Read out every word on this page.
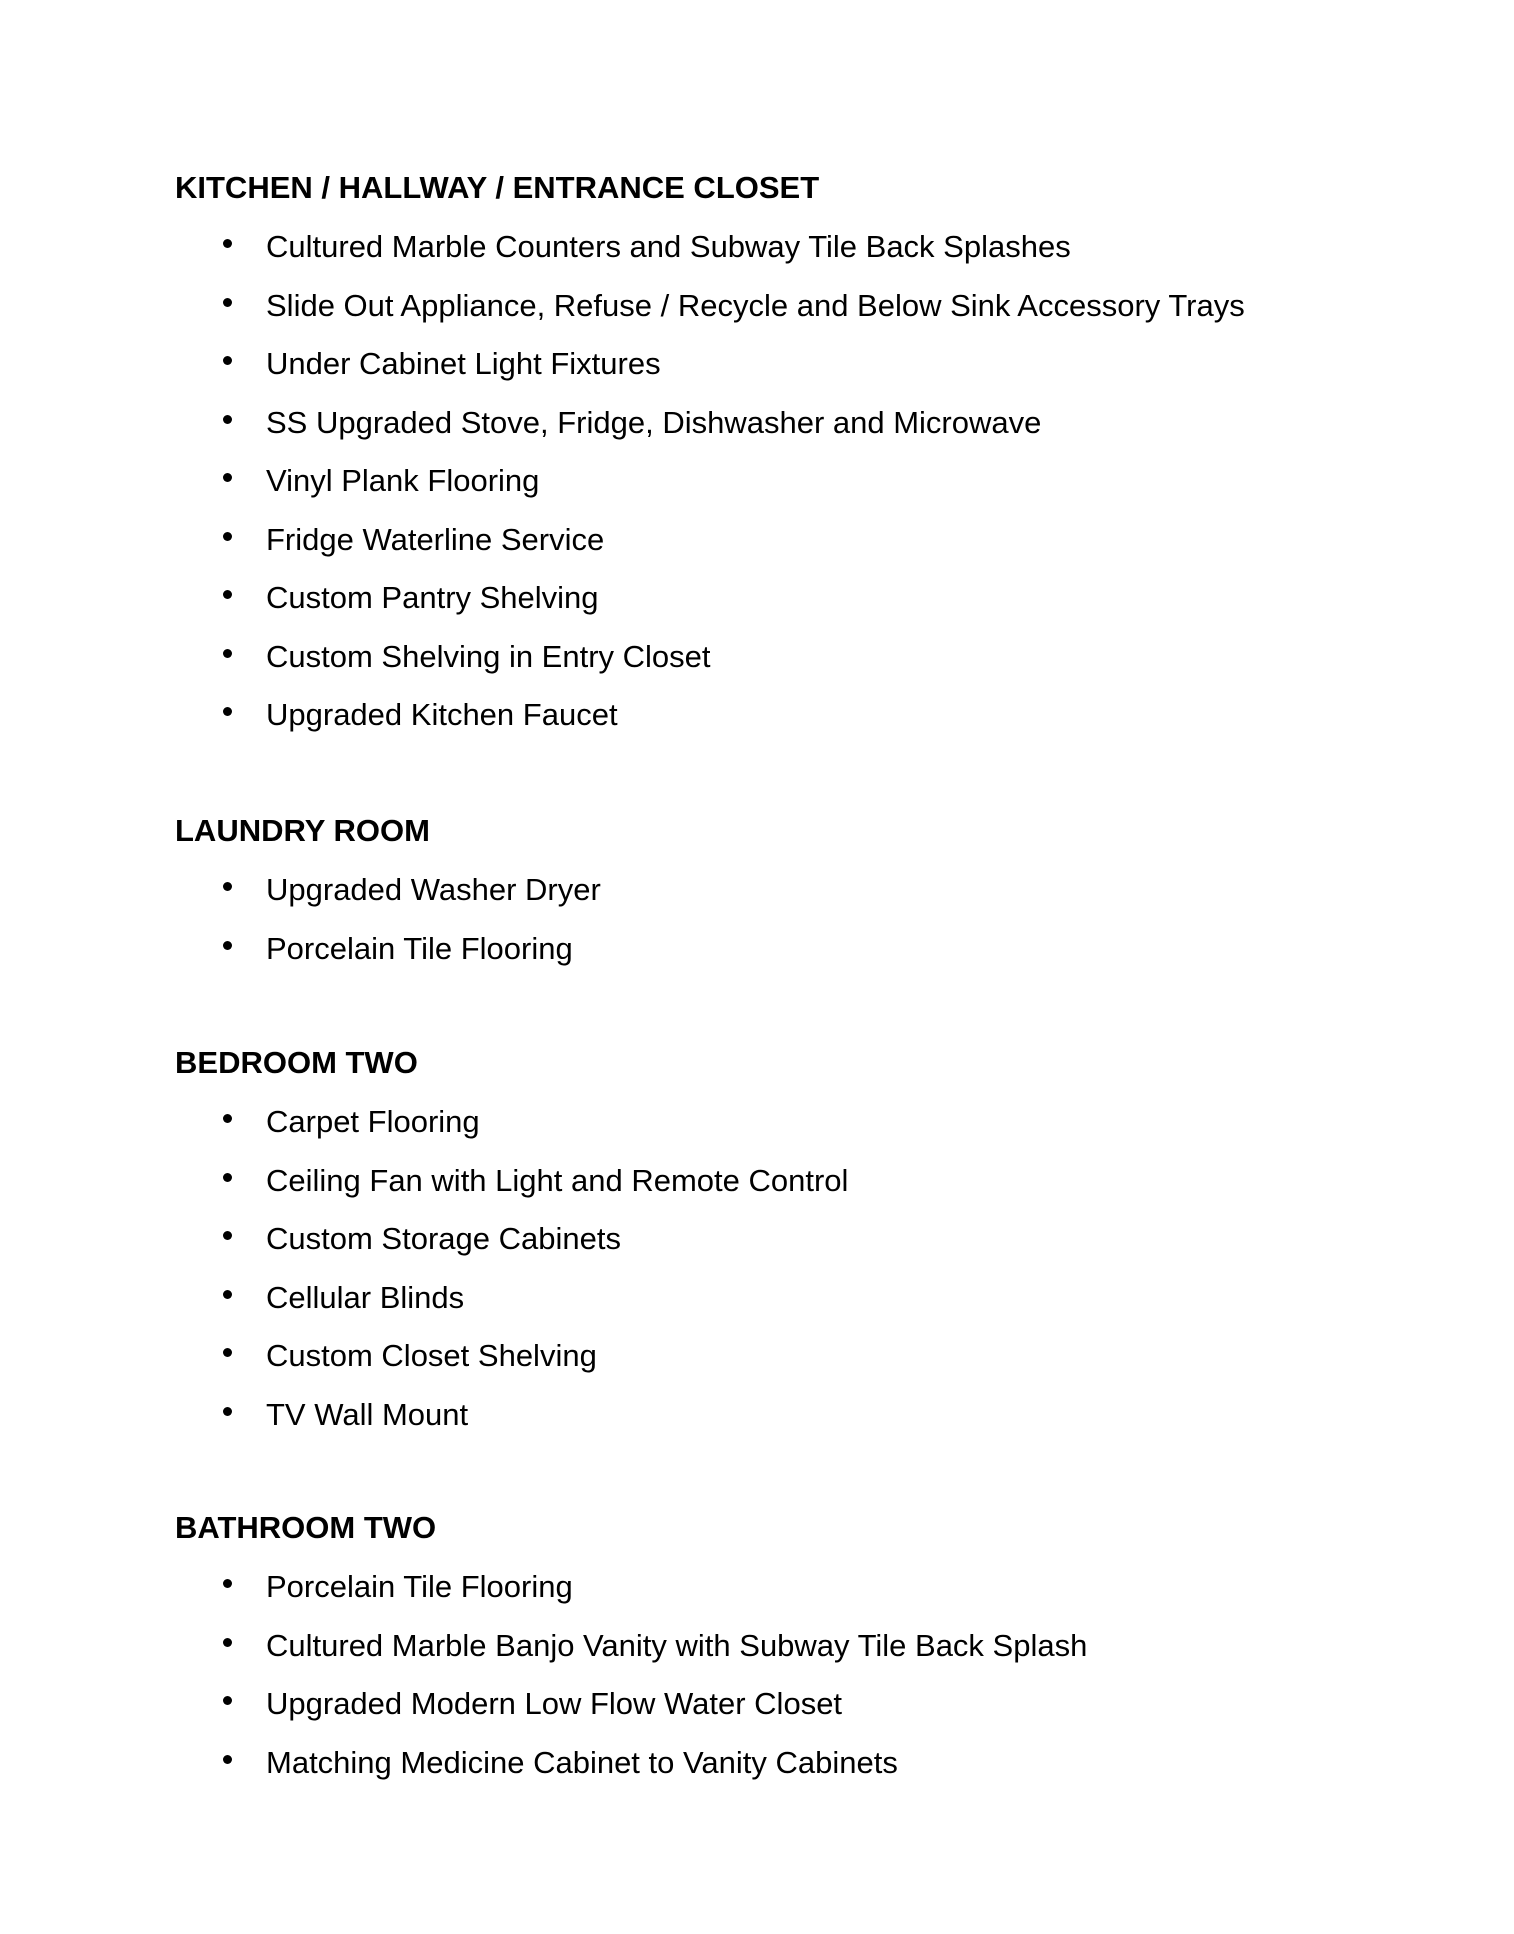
KITCHEN / HALLWAY / ENTRANCE CLOSET
Cultured Marble Counters and Subway Tile Back Splashes
Slide Out Appliance, Refuse / Recycle and Below Sink Accessory Trays
Under Cabinet Light Fixtures
SS Upgraded Stove, Fridge, Dishwasher and Microwave
Vinyl Plank Flooring
Fridge Waterline Service
Custom Pantry Shelving
Custom Shelving in Entry Closet
Upgraded Kitchen Faucet
LAUNDRY ROOM
Upgraded Washer Dryer
Porcelain Tile Flooring
BEDROOM TWO
Carpet Flooring
Ceiling Fan with Light and Remote Control
Custom Storage Cabinets
Cellular Blinds
Custom Closet Shelving
TV Wall Mount
BATHROOM TWO
Porcelain Tile Flooring
Cultured Marble Banjo Vanity with Subway Tile Back Splash
Upgraded Modern Low Flow Water Closet
Matching Medicine Cabinet to Vanity Cabinets
